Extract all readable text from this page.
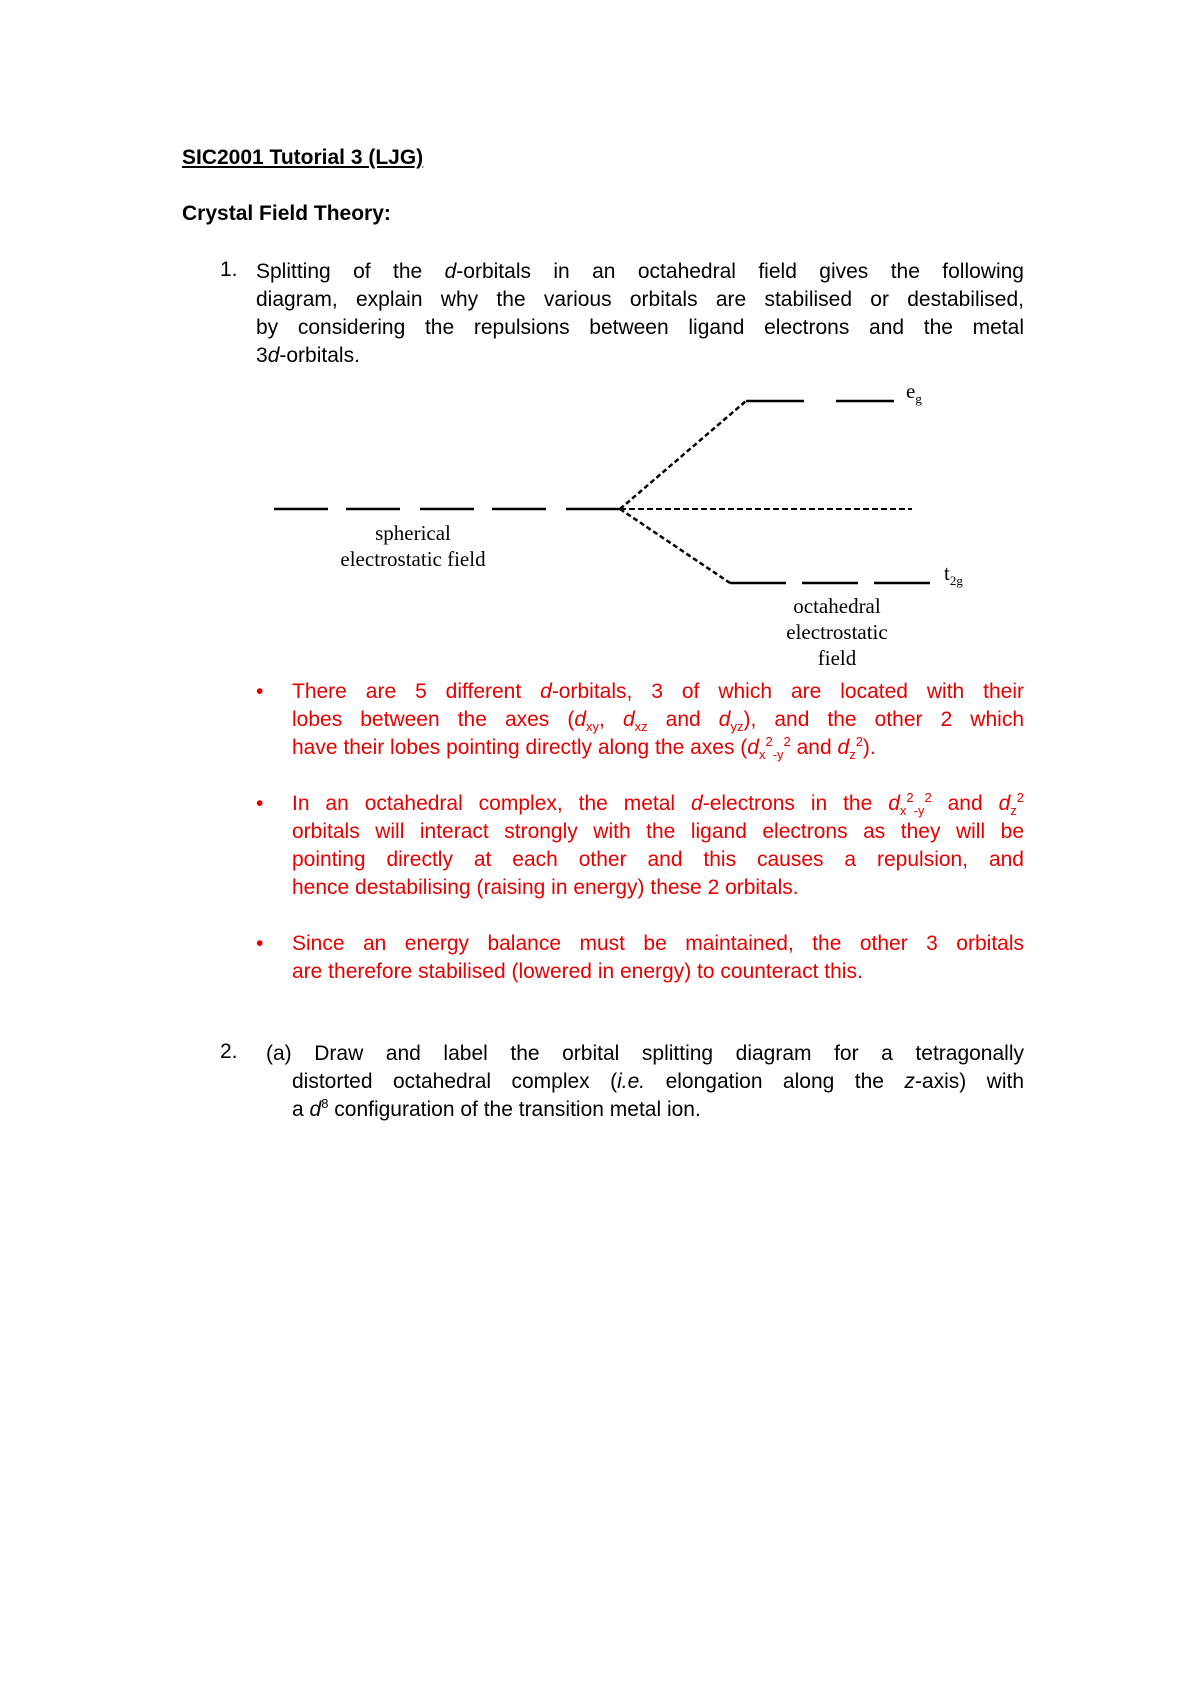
SIC2001 Tutorial 3 (LJG)
Crystal Field Theory:
1. Splitting of the d-orbitals in an octahedral field gives the following
diagram, explain why the various orbitals are stabilised or destabilised,
by considering the repulsions between ligand electrons and the metal
3d-orbitals.
$e_g$
$t_{2g}$
spherical
electrostatic field
octahedral
electrostatic
field
• There are 5 different d-orbitals, 3 of which are located with their
lobes between the axes ($d_{xy}$, $d_{xz}$ and $d_{yz}$), and the other 2 which
have their lobes pointing directly along the axes ($d_x^2_{-y}^2$ and $d_z^2$).
• In an octahedral complex, the metal d-electrons in the $d_x^2_{-y}^2$ and $d_z^2$
orbitals will interact strongly with the ligand electrons as they will be
pointing directly at each other and this causes a repulsion, and
hence destabilising (raising in energy) these 2 orbitals.
• Since an energy balance must be maintained, the other 3 orbitals
are therefore stabilised (lowered in energy) to counteract this.
2. (a) Draw and label the orbital splitting diagram for a tetragonally
distorted octahedral complex (i.e. elongation along the z-axis) with
a $d^8$ configuration of the transition metal ion.
